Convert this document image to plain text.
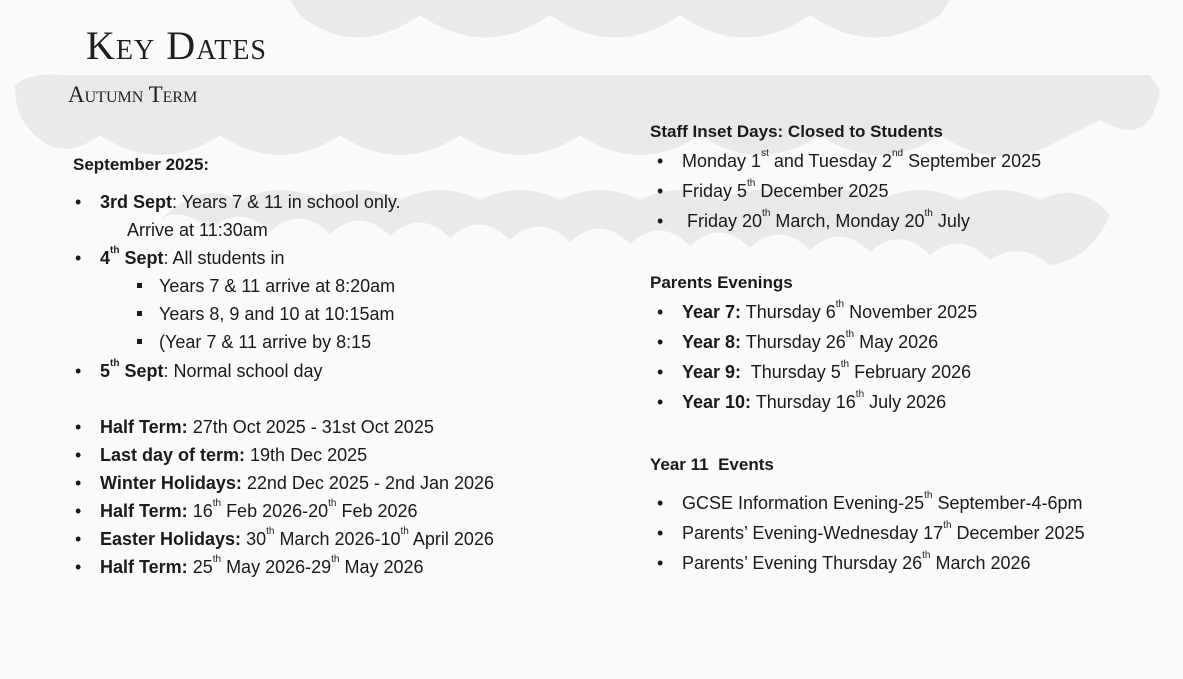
Key Dates
Autumn Term
September 2025:
• 3rd Sept: Years 7 & 11 in school only.
Arrive at 11:30am
• 4th Sept: All students in
Years 7 & 11 arrive at 8:20am
Years 8, 9 and 10 at 10:15am
(Year 7 & 11 arrive by 8:15
• 5th Sept: Normal school day
• Half Term: 27th Oct 2025 - 31st Oct 2025
• Last day of term: 19th Dec 2025
• Winter Holidays: 22nd Dec 2025 - 2nd Jan 2026
• Half Term: 16th Feb 2026-20th Feb 2026
• Easter Holidays: 30th March 2026-10th April 2026
• Half Term: 25th May 2026-29th May 2026
Staff Inset Days: Closed to Students
• Monday 1st and Tuesday 2nd September 2025
• Friday 5th December 2025
• Friday 20th March, Monday 20th July
Parents Evenings
• Year 7: Thursday 6th November 2025
• Year 8: Thursday 26th May 2026
• Year 9:  Thursday 5th February 2026
• Year 10: Thursday 16th July 2026
Year 11  Events
• GCSE Information Evening-25th September-4-6pm
• Parents’ Evening-Wednesday 17th December 2025
• Parents’ Evening Thursday 26th March 2026
